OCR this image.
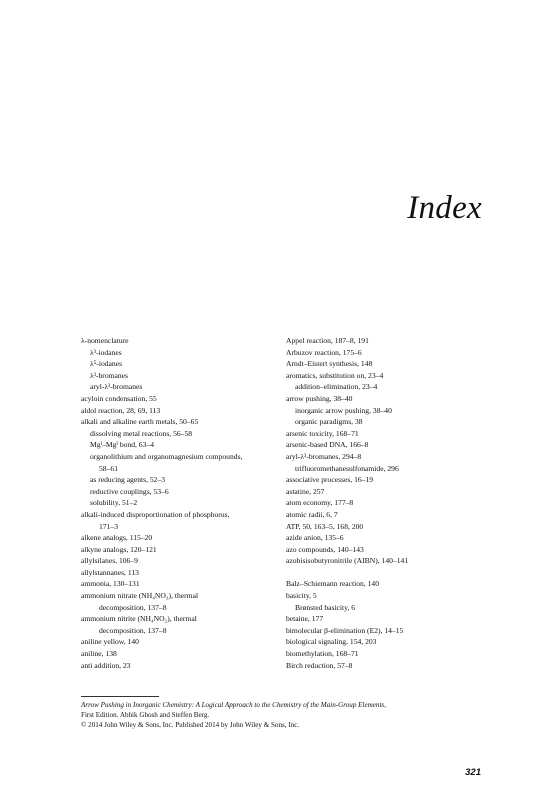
Index
λ-nomenclature
λ³-iodanes
λ⁵-iodanes
λ³-bromanes
aryl-λ³-bromanes
acyloin condensation, 55
aldol reaction, 28, 69, 113
alkali and alkaline earth metals, 50–65
dissolving metal reactions, 56–58
Mgᴵ–Mgᴵ bond, 63–4
organolithium and organomagnesium compounds,
58–61
as reducing agents, 52–3
reductive couplings, 53–6
solubility, 51–2
alkali-induced disproportionation of phosphorus,
171–3
alkene analogs, 115–20
alkyne analogs, 120–121
allylsilanes, 106–9
allylstannanes, 113
ammonia, 130–131
ammonium nitrate (NH₄NO₃), thermal
decomposition, 137–8
ammonium nitrite (NH₄NO₂), thermal
decomposition, 137–8
aniline yellow, 140
aniline, 138
anti addition, 23
Appel reaction, 187–8, 191
Arbuzov reaction, 175–6
Arndt–Eistert synthesis, 148
aromatics, substitution on, 23–4
addition–elimination, 23–4
arrow pushing, 38–40
inorganic arrow pushing, 38–40
organic paradigms, 38
arsenic toxicity, 168–71
arsenic-based DNA, 166–8
aryl-λ³-bromanes, 294–8
trifluoromethanesulfonamide, 296
associative processes, 16–19
astatine, 257
atom economy, 177–8
atomic radii, 6, 7
ATP, 50, 163–5, 168, 200
azide anion, 135–6
azo compounds, 140–143
azobisisobutyronitrile (AIBN), 140–141
Balz–Schiemann reaction, 140
basicity, 5
Brønsted basicity, 6
betaine, 177
bimolecular β-elimination (E2), 14–15
biological signaling, 154, 203
biomethylation, 168–71
Birch reduction, 57–8
Arrow Pushing in Inorganic Chemistry: A Logical Approach to the Chemistry of the Main-Group Elements,
First Edition. Abhik Ghosh and Steffen Berg.
© 2014 John Wiley & Sons, Inc. Published 2014 by John Wiley & Sons, Inc.
321
